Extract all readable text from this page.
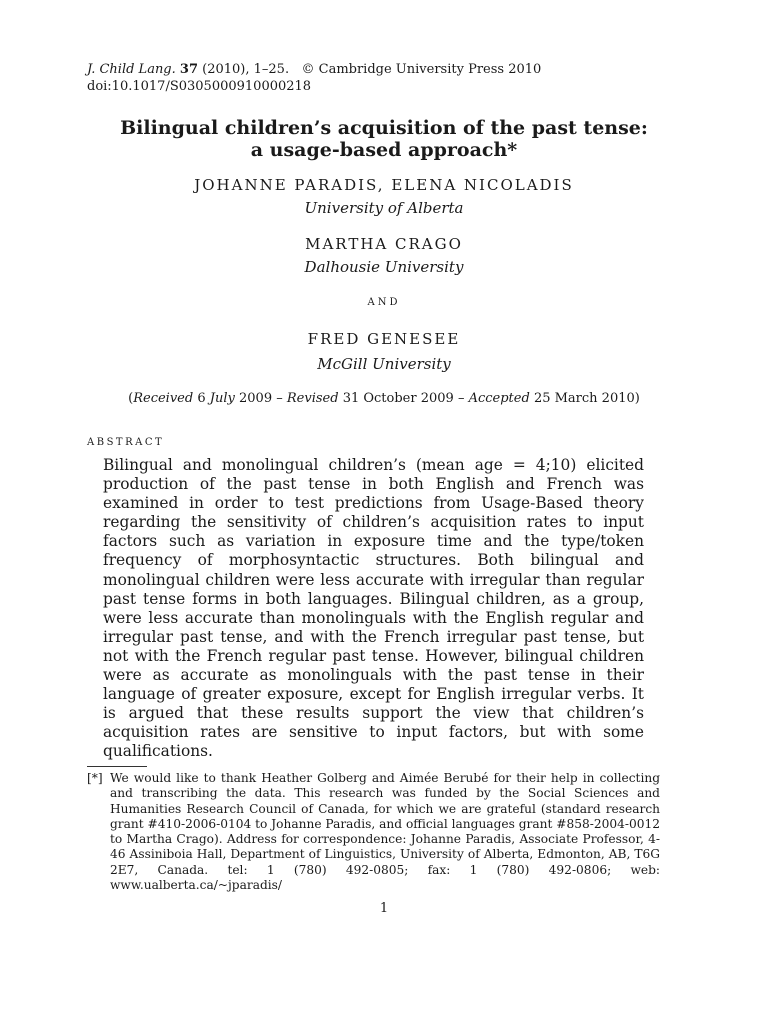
J. Child Lang. 37 (2010), 1–25. © Cambridge University Press 2010
doi:10.1017/S0305000910000218
Bilingual children’s acquisition of the past tense:
a usage-based approach*
JOHANNE PARADIS, ELENA NICOLADIS
University of Alberta
MARTHA CRAGO
Dalhousie University
AND
FRED GENESEE
McGill University
(Received 6 July 2009 – Revised 31 October 2009 – Accepted 25 March 2010)
ABSTRACT

Bilingual and monolingual children’s (mean age = 4;10) elicited production of the past tense in both English and French was examined in order to test predictions from Usage-Based theory regarding the sensitivity of children’s acquisition rates to input factors such as variation in exposure time and the type/token frequency of morphosyntactic structures. Both bilingual and monolingual children were less accurate with irregular than regular past tense forms in both languages. Bilingual children, as a group, were less accurate than monolinguals with the English regular and irregular past tense, and with the French irregular past tense, but not with the French regular past tense. However, bilingual children were as accurate as monolinguals with the past tense in their language of greater exposure, except for English irregular verbs. It is argued that these results support the view that children’s acquisition rates are sensitive to input factors, but with some qualifications.

[*] We would like to thank Heather Golberg and Aimée Berubé for their help in collecting and transcribing the data. This research was funded by the Social Sciences and Humanities Research Council of Canada, for which we are grateful (standard research grant #410-2006-0104 to Johanne Paradis, and official languages grant #858-2004-0012 to Martha Crago). Address for correspondence: Johanne Paradis, Associate Professor, 4-46 Assiniboia Hall, Department of Linguistics, University of Alberta, Edmonton, AB, T6G 2E7, Canada. tel: 1 (780) 492-0805; fax: 1 (780) 492-0806; web: www.ualberta.ca/~jparadis/

1
